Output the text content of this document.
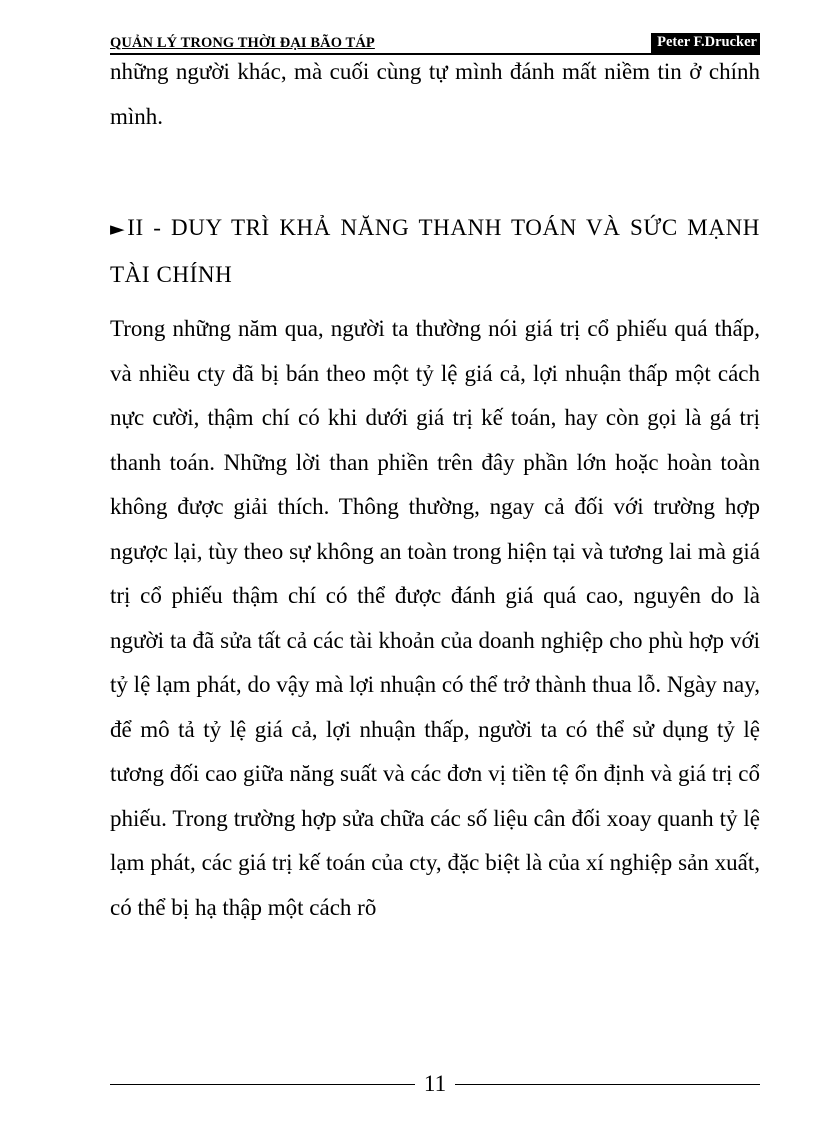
QUẢN LÝ TRONG THỜI ĐẠI BÃO TÁP	Peter F.Drucker
những người khác, mà cuối cùng tự mình đánh mất niềm tin ở chính mình.
►II - DUY TRÌ KHẢ NĂNG THANH TOÁN VÀ SỨC MẠNH TÀI CHÍNH
Trong những năm qua, người ta thường nói giá trị cổ phiếu quá thấp, và nhiều cty đã bị bán theo một tỷ lệ giá cả, lợi nhuận thấp một cách nực cười, thậm chí có khi dưới giá trị kế toán, hay còn gọi là gá trị thanh toán. Những lời than phiền trên đây phần lớn hoặc hoàn toàn không được giải thích. Thông thường, ngay cả đối với trường hợp ngược lại, tùy theo sự không an toàn trong hiện tại và tương lai mà giá trị cổ phiếu thậm chí có thể được đánh giá quá cao, nguyên do là người ta đã sửa tất cả các tài khoản của doanh nghiệp cho phù hợp với tỷ lệ lạm phát, do vậy mà lợi nhuận có thể trở thành thua lỗ. Ngày nay, để mô tả tỷ lệ giá cả, lợi nhuận thấp, người ta có thể sử dụng tỷ lệ tương đối cao giữa năng suất và các đơn vị tiền tệ ổn định và giá trị cổ phiếu. Trong trường hợp sửa chữa các số liệu cân đối xoay quanh tỷ lệ lạm phát, các giá trị kế toán của cty, đặc biệt là của xí nghiệp sản xuất, có thể bị hạ thập một cách rõ
11
